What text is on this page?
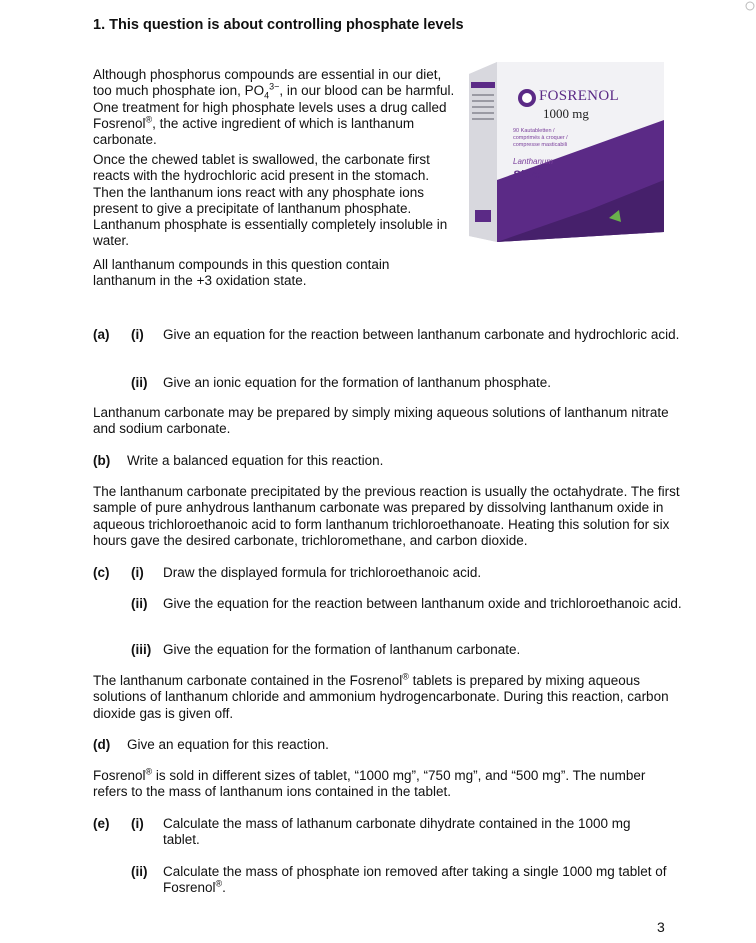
1. This question is about controlling phosphate levels
Although phosphorus compounds are essential in our diet, too much phosphate ion, $PO_4^{3-}$, in our blood can be harmful. One treatment for high phosphate levels uses a drug called Fosrenol®, the active ingredient of which is lanthanum carbonate.
Once the chewed tablet is swallowed, the carbonate first reacts with the hydrochloric acid present in the stomach. Then the lanthanum ions react with any phosphate ions present to give a precipitate of lanthanum phosphate. Lanthanum phosphate is essentially completely insoluble in water.
All lanthanum compounds in this question contain lanthanum in the +3 oxidation state.
FOSRENOL
1000 mg
90 Kautabletten /
comprimés à croquer /
compresse masticabili
Lanthanum
Shire
(a) (i) Give an equation for the reaction between lanthanum carbonate and hydrochloric acid.
(ii) Give an ionic equation for the formation of lanthanum phosphate.
Lanthanum carbonate may be prepared by simply mixing aqueous solutions of lanthanum nitrate and sodium carbonate.
(b) Write a balanced equation for this reaction.
The lanthanum carbonate precipitated by the previous reaction is usually the octahydrate. The first sample of pure anhydrous lanthanum carbonate was prepared by dissolving lanthanum oxide in aqueous trichloroethanoic acid to form lanthanum trichloroethanoate. Heating this solution for six hours gave the desired carbonate, trichloromethane, and carbon dioxide.
(c) (i) Draw the displayed formula for trichloroethanoic acid.
(ii) Give the equation for the reaction between lanthanum oxide and trichloroethanoic acid.
(iii) Give the equation for the formation of lanthanum carbonate.
The lanthanum carbonate contained in the Fosrenol® tablets is prepared by mixing aqueous solutions of lanthanum chloride and ammonium hydrogencarbonate. During this reaction, carbon dioxide gas is given off.
(d) Give an equation for this reaction.
Fosrenol® is sold in different sizes of tablet, “1000 mg”, “750 mg”, and “500 mg”. The number refers to the mass of lanthanum ions contained in the tablet.
(e) (i) Calculate the mass of lathanum carbonate dihydrate contained in the 1000 mg tablet.
(ii) Calculate the mass of phosphate ion removed after taking a single 1000 mg tablet of Fosrenol®.
3
